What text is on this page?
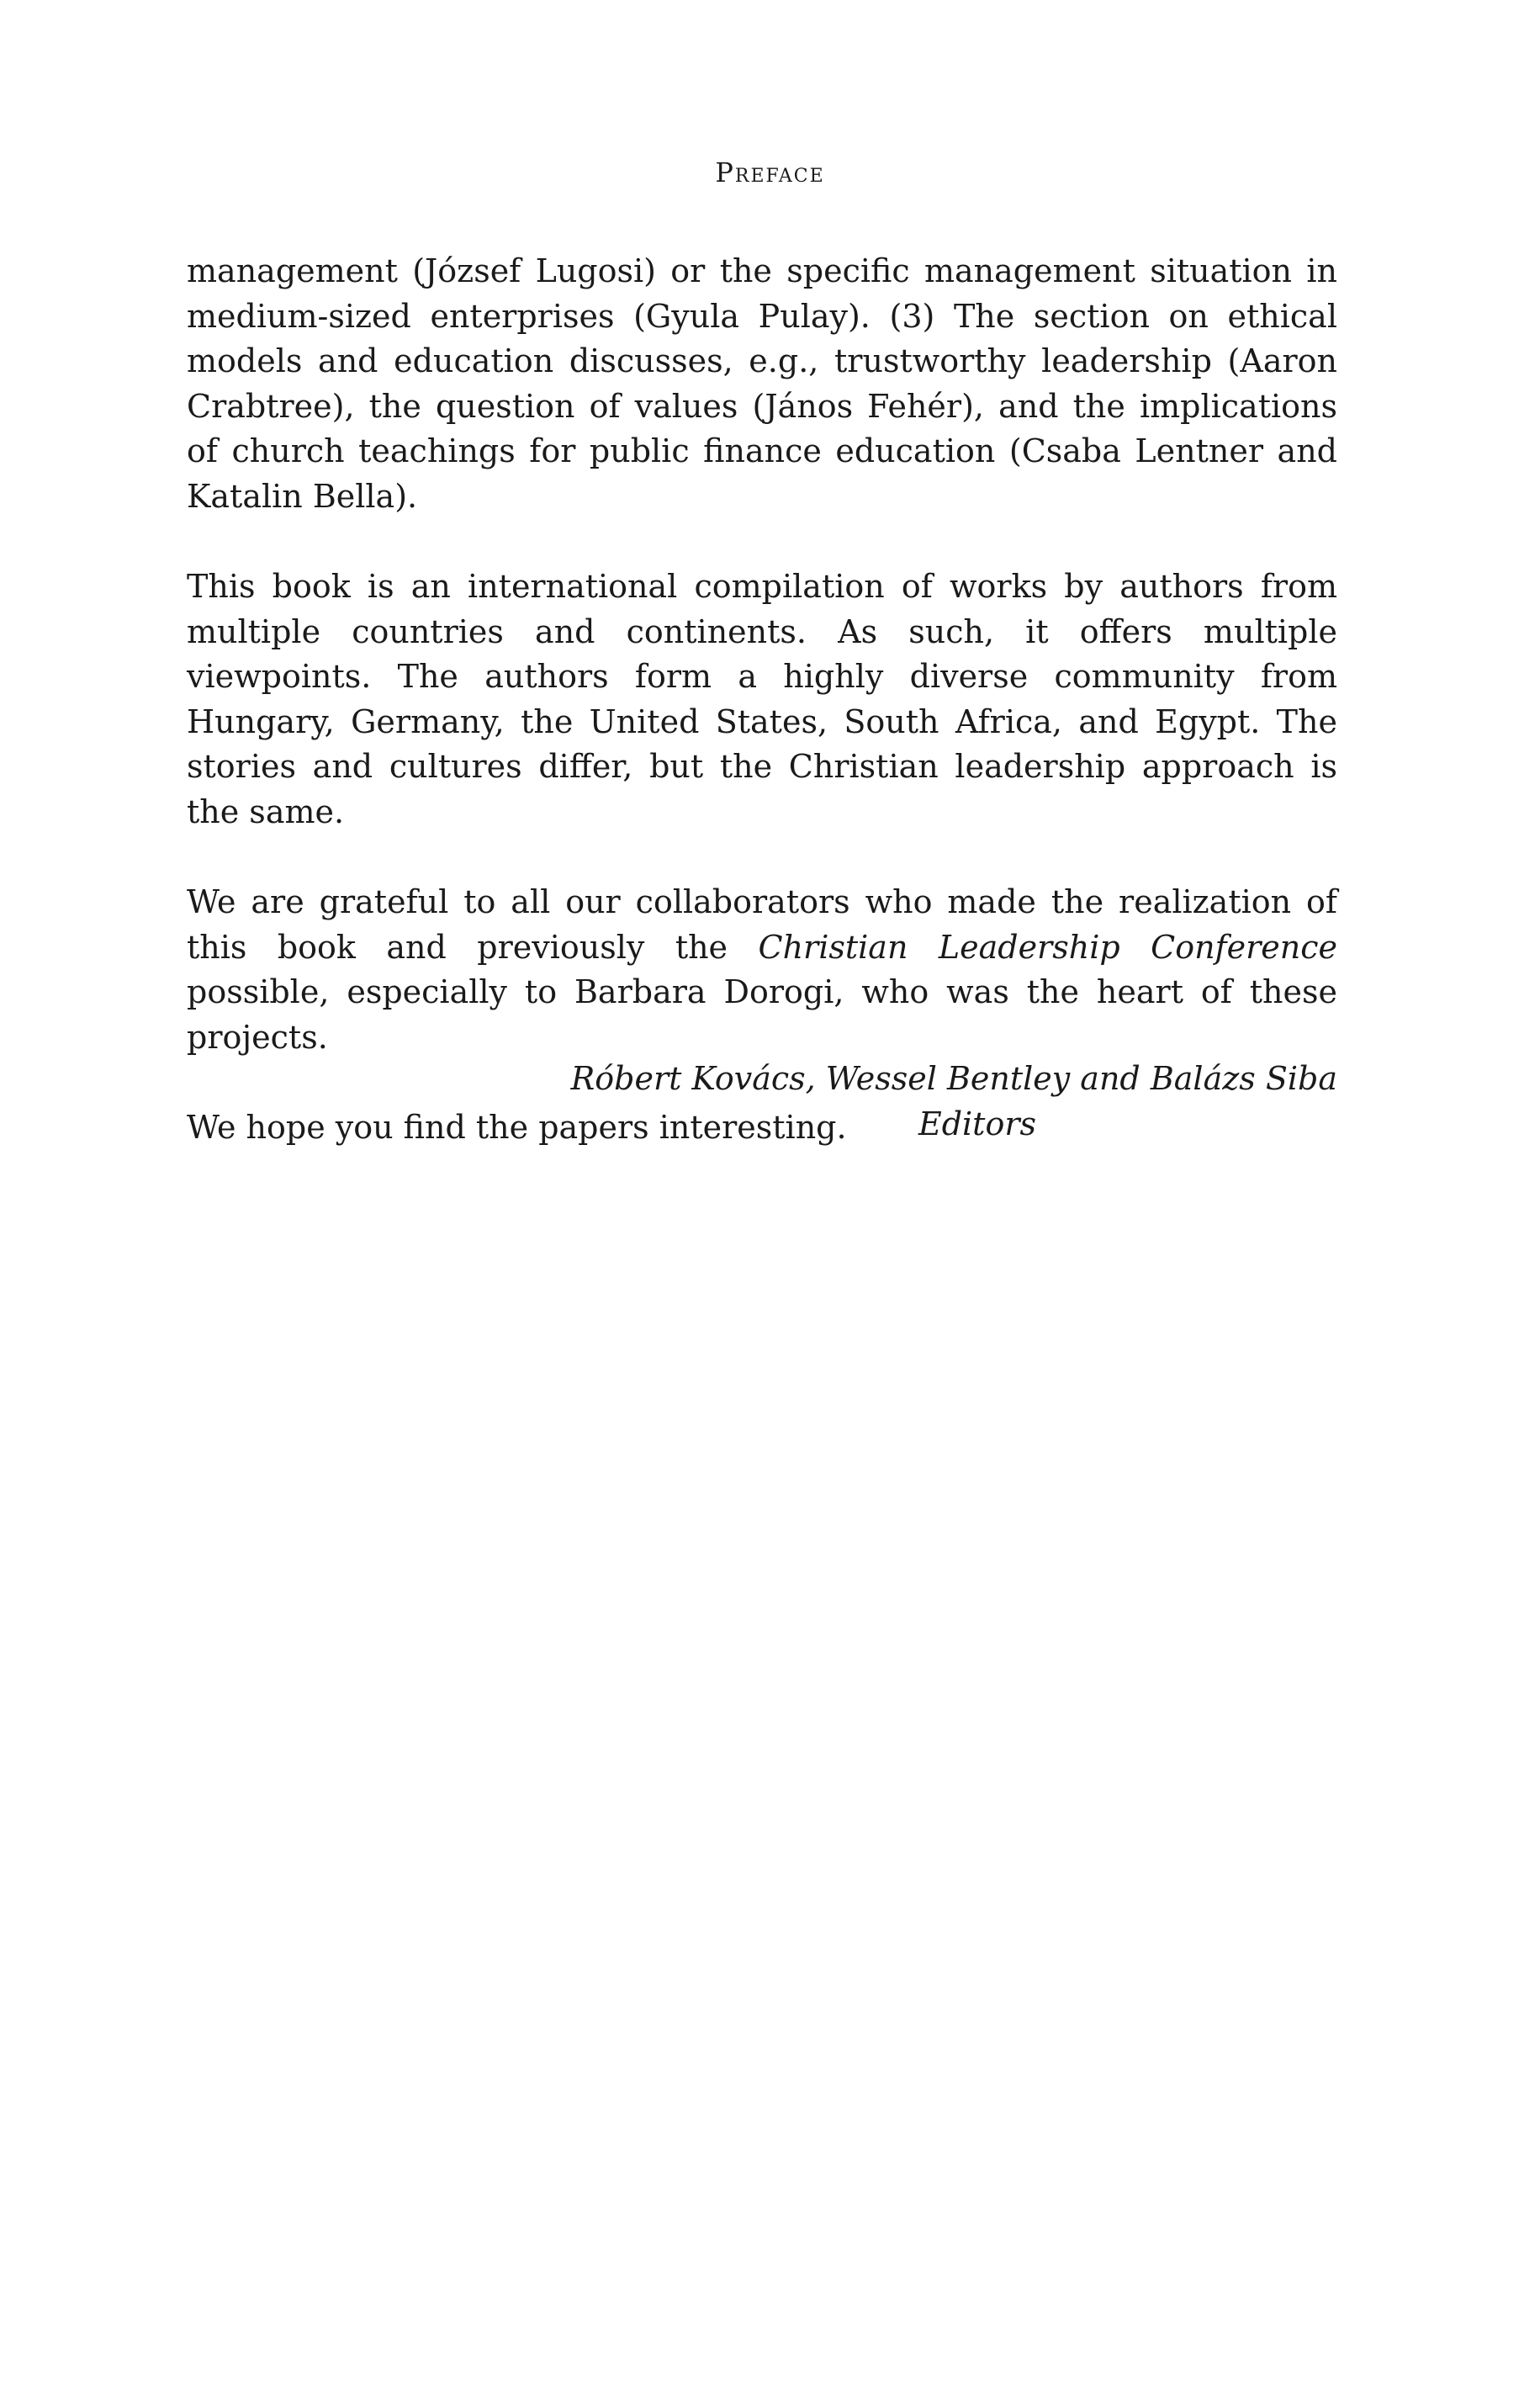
Preface

management (József Lugosi) or the specific management situation in medium-sized enterprises (Gyula Pulay). (3) The section on ethical models and education discusses, e.g., trustworthy leadership (Aaron Crabtree), the question of values (János Fehér), and the implications of church teachings for public finance education (Csaba Lentner and Katalin Bella).

This book is an international compilation of works by authors from multiple countries and continents. As such, it offers multiple viewpoints. The authors form a highly diverse community from Hungary, Germany, the United States, South Africa, and Egypt. The stories and cultures differ, but the Christian leadership approach is the same.

We are grateful to all our collaborators who made the realization of this book and previously the Christian Leadership Conference possible, especially to Barbara Dorogi, who was the heart of these projects.

We hope you find the papers interesting.

Róbert Kovács, Wessel Bentley and Balázs Siba
Editors
